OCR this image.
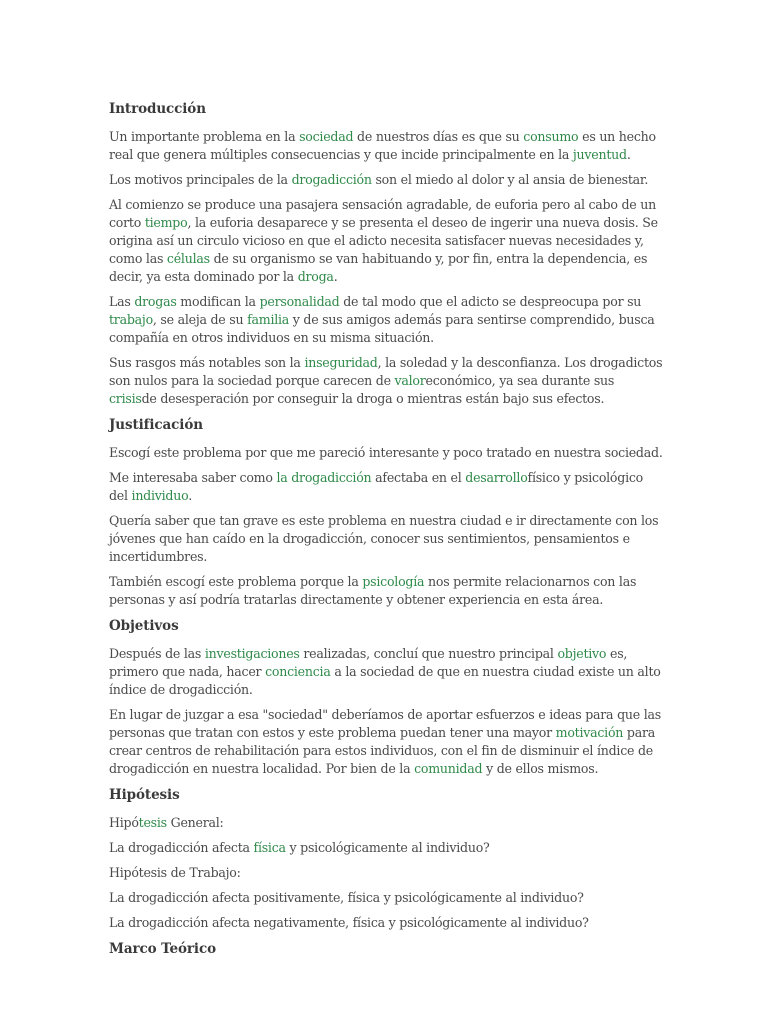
Introducción

Un importante problema en la sociedad de nuestros días es que su consumo es un hecho real que genera múltiples consecuencias y que incide principalmente en la juventud.

Los motivos principales de la drogadicción son el miedo al dolor y al ansia de bienestar.

Al comienzo se produce una pasajera sensación agradable, de euforia pero al cabo de un corto tiempo, la euforia desaparece y se presenta el deseo de ingerir una nueva dosis. Se origina así un circulo vicioso en que el adicto necesita satisfacer nuevas necesidades y, como las células de su organismo se van habituando y, por fin, entra la dependencia, es decir, ya esta dominado por la droga.

Las drogas modifican la personalidad de tal modo que el adicto se despreocupa por su trabajo, se aleja de su familia y de sus amigos además para sentirse comprendido, busca compañía en otros individuos en su misma situación.

Sus rasgos más notables son la inseguridad, la soledad y la desconfianza. Los drogadictos son nulos para la sociedad porque carecen de valoreconómico, ya sea durante sus crisisde desesperación por conseguir la droga o mientras están bajo sus efectos.

Justificación

Escogí este problema por que me pareció interesante y poco tratado en nuestra sociedad.

Me interesaba saber como la drogadicción afectaba en el desarrollofísico y psicológico del individuo.

Quería saber que tan grave es este problema en nuestra ciudad e ir directamente con los jóvenes que han caído en la drogadicción, conocer sus sentimientos, pensamientos e incertidumbres.

También escogí este problema porque la psicología nos permite relacionarnos con las personas y así podría tratarlas directamente y obtener experiencia en esta área.

Objetivos

Después de las investigaciones realizadas, concluí que nuestro principal objetivo es, primero que nada, hacer conciencia a la sociedad de que en nuestra ciudad existe un alto índice de drogadicción.

En lugar de juzgar a esa "sociedad" deberíamos de aportar esfuerzos e ideas para que las personas que tratan con estos y este problema puedan tener una mayor motivación para crear centros de rehabilitación para estos individuos, con el fin de disminuir el índice de drogadicción en nuestra localidad. Por bien de la comunidad y de ellos mismos.

Hipótesis

Hipótesis General:

La drogadicción afecta física y psicológicamente al individuo?

Hipótesis de Trabajo:

La drogadicción afecta positivamente, física y psicológicamente al individuo?

La drogadicción afecta negativamente, física y psicológicamente al individuo?

Marco Teórico
